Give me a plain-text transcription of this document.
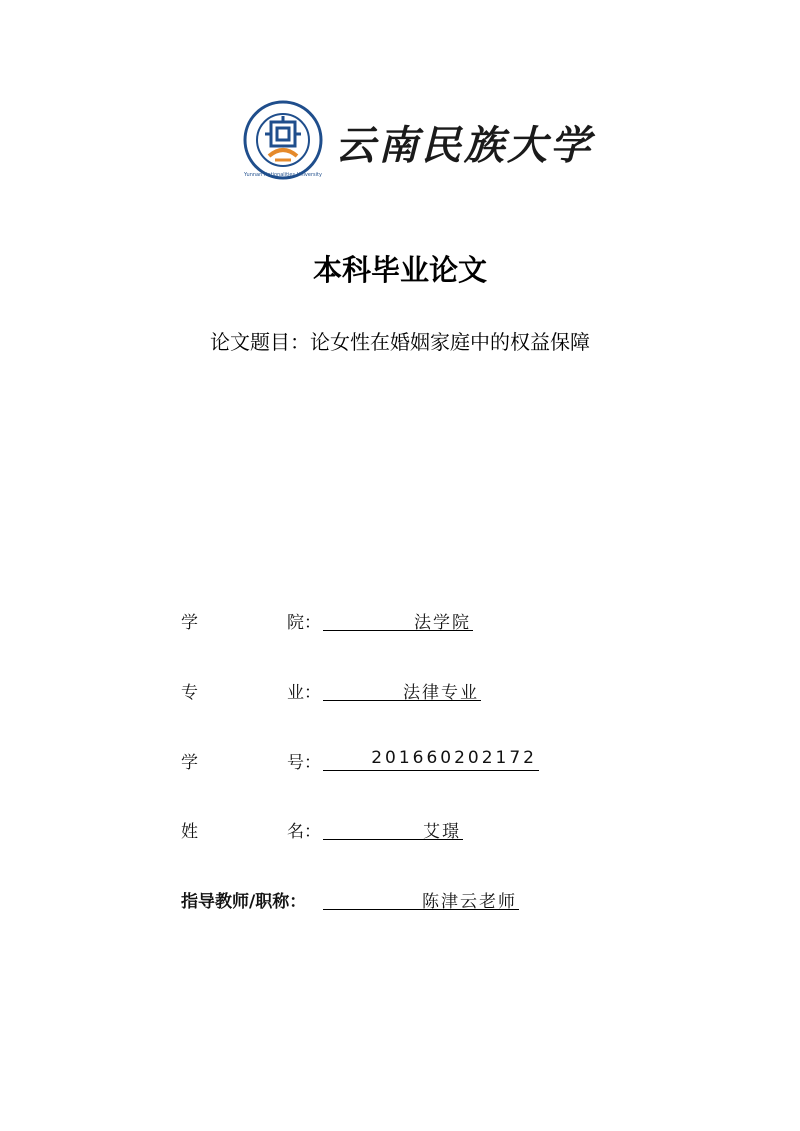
Yunnan Nationalities University
云南民族大学
本科毕业论文
论文题目：论女性在婚姻家庭中的权益保障
学	院：	法学院
专	业：	法律专业
学	号：	201660202172
姓	名：	艾璟
指导教师/职称：	陈津云老师
